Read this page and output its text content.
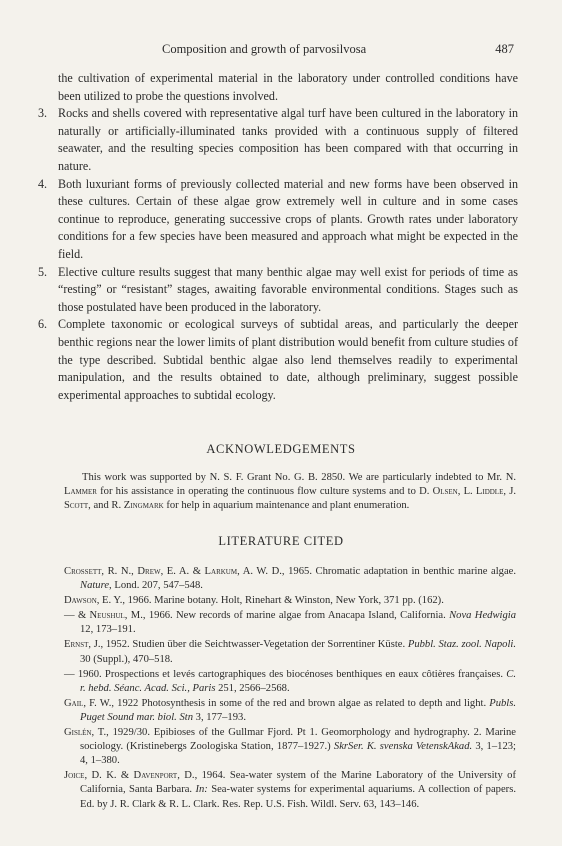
Composition and growth of parvosilvosa	487
the cultivation of experimental material in the laboratory under controlled conditions have been utilized to probe the questions involved.
3. Rocks and shells covered with representative algal turf have been cultured in the laboratory in naturally or artificially-illuminated tanks provided with a continuous supply of filtered seawater, and the resulting species composition has been compared with that occurring in nature.
4. Both luxuriant forms of previously collected material and new forms have been observed in these cultures. Certain of these algae grow extremely well in culture and in some cases continue to reproduce, generating successive crops of plants. Growth rates under laboratory conditions for a few species have been measured and approach what might be expected in the field.
5. Elective culture results suggest that many benthic algae may well exist for periods of time as “resting” or “resistant” stages, awaiting favorable environmental conditions. Stages such as those postulated have been produced in the laboratory.
6. Complete taxonomic or ecological surveys of subtidal areas, and particularly the deeper benthic regions near the lower limits of plant distribution would benefit from culture studies of the type described. Subtidal benthic algae also lend themselves readily to experimental manipulation, and the results obtained to date, although preliminary, suggest possible experimental approaches to subtidal ecology.
ACKNOWLEDGEMENTS
This work was supported by N. S. F. Grant No. G. B. 2850. We are particularly indebted to Mr. N. Lammer for his assistance in operating the continuous flow culture systems and to D. Olsen, L. Liddle, J. Scott, and R. Zingmark for help in aquarium maintenance and plant enumeration.
LITERATURE CITED
Crossett, R. N., Drew, E. A. & Larkum, A. W. D., 1965. Chromatic adaptation in benthic marine algae. Nature, Lond. 207, 547–548.
Dawson, E. Y., 1966. Marine botany. Holt, Rinehart & Winston, New York, 371 pp. (162).
— & Neushul, M., 1966. New records of marine algae from Anacapa Island, California. Nova Hedwigia 12, 173–191.
Ernst, J., 1952. Studien über die Seichtwasser-Vegetation der Sorrentiner Küste. Pubbl. Staz. zool. Napoli. 30 (Suppl.), 470–518.
— 1960. Prospections et levés cartographiques des biocénoses benthiques en eaux côtières françaises. C. r. hebd. Séanc. Acad. Sci., Paris 251, 2566–2568.
Gail, F. W., 1922 Photosynthesis in some of the red and brown algae as related to depth and light. Publs. Puget Sound mar. biol. Stn 3, 177–193.
Gislén, T., 1929/30. Epibioses of the Gullmar Fjord. Pt 1. Geomorphology and hydrography. 2. Marine sociology. (Kristinebergs Zoologiska Station, 1877–1927.) SkrSer. K. svenska VetenskAkad. 3, 1–123; 4, 1–380.
Joice, D. K. & Davenport, D., 1964. Sea-water system of the Marine Laboratory of the University of California, Santa Barbara. In: Sea-water systems for experimental aquariums. A collection of papers. Ed. by J. R. Clark & R. L. Clark. Res. Rep. U.S. Fish. Wildl. Serv. 63, 143–146.
